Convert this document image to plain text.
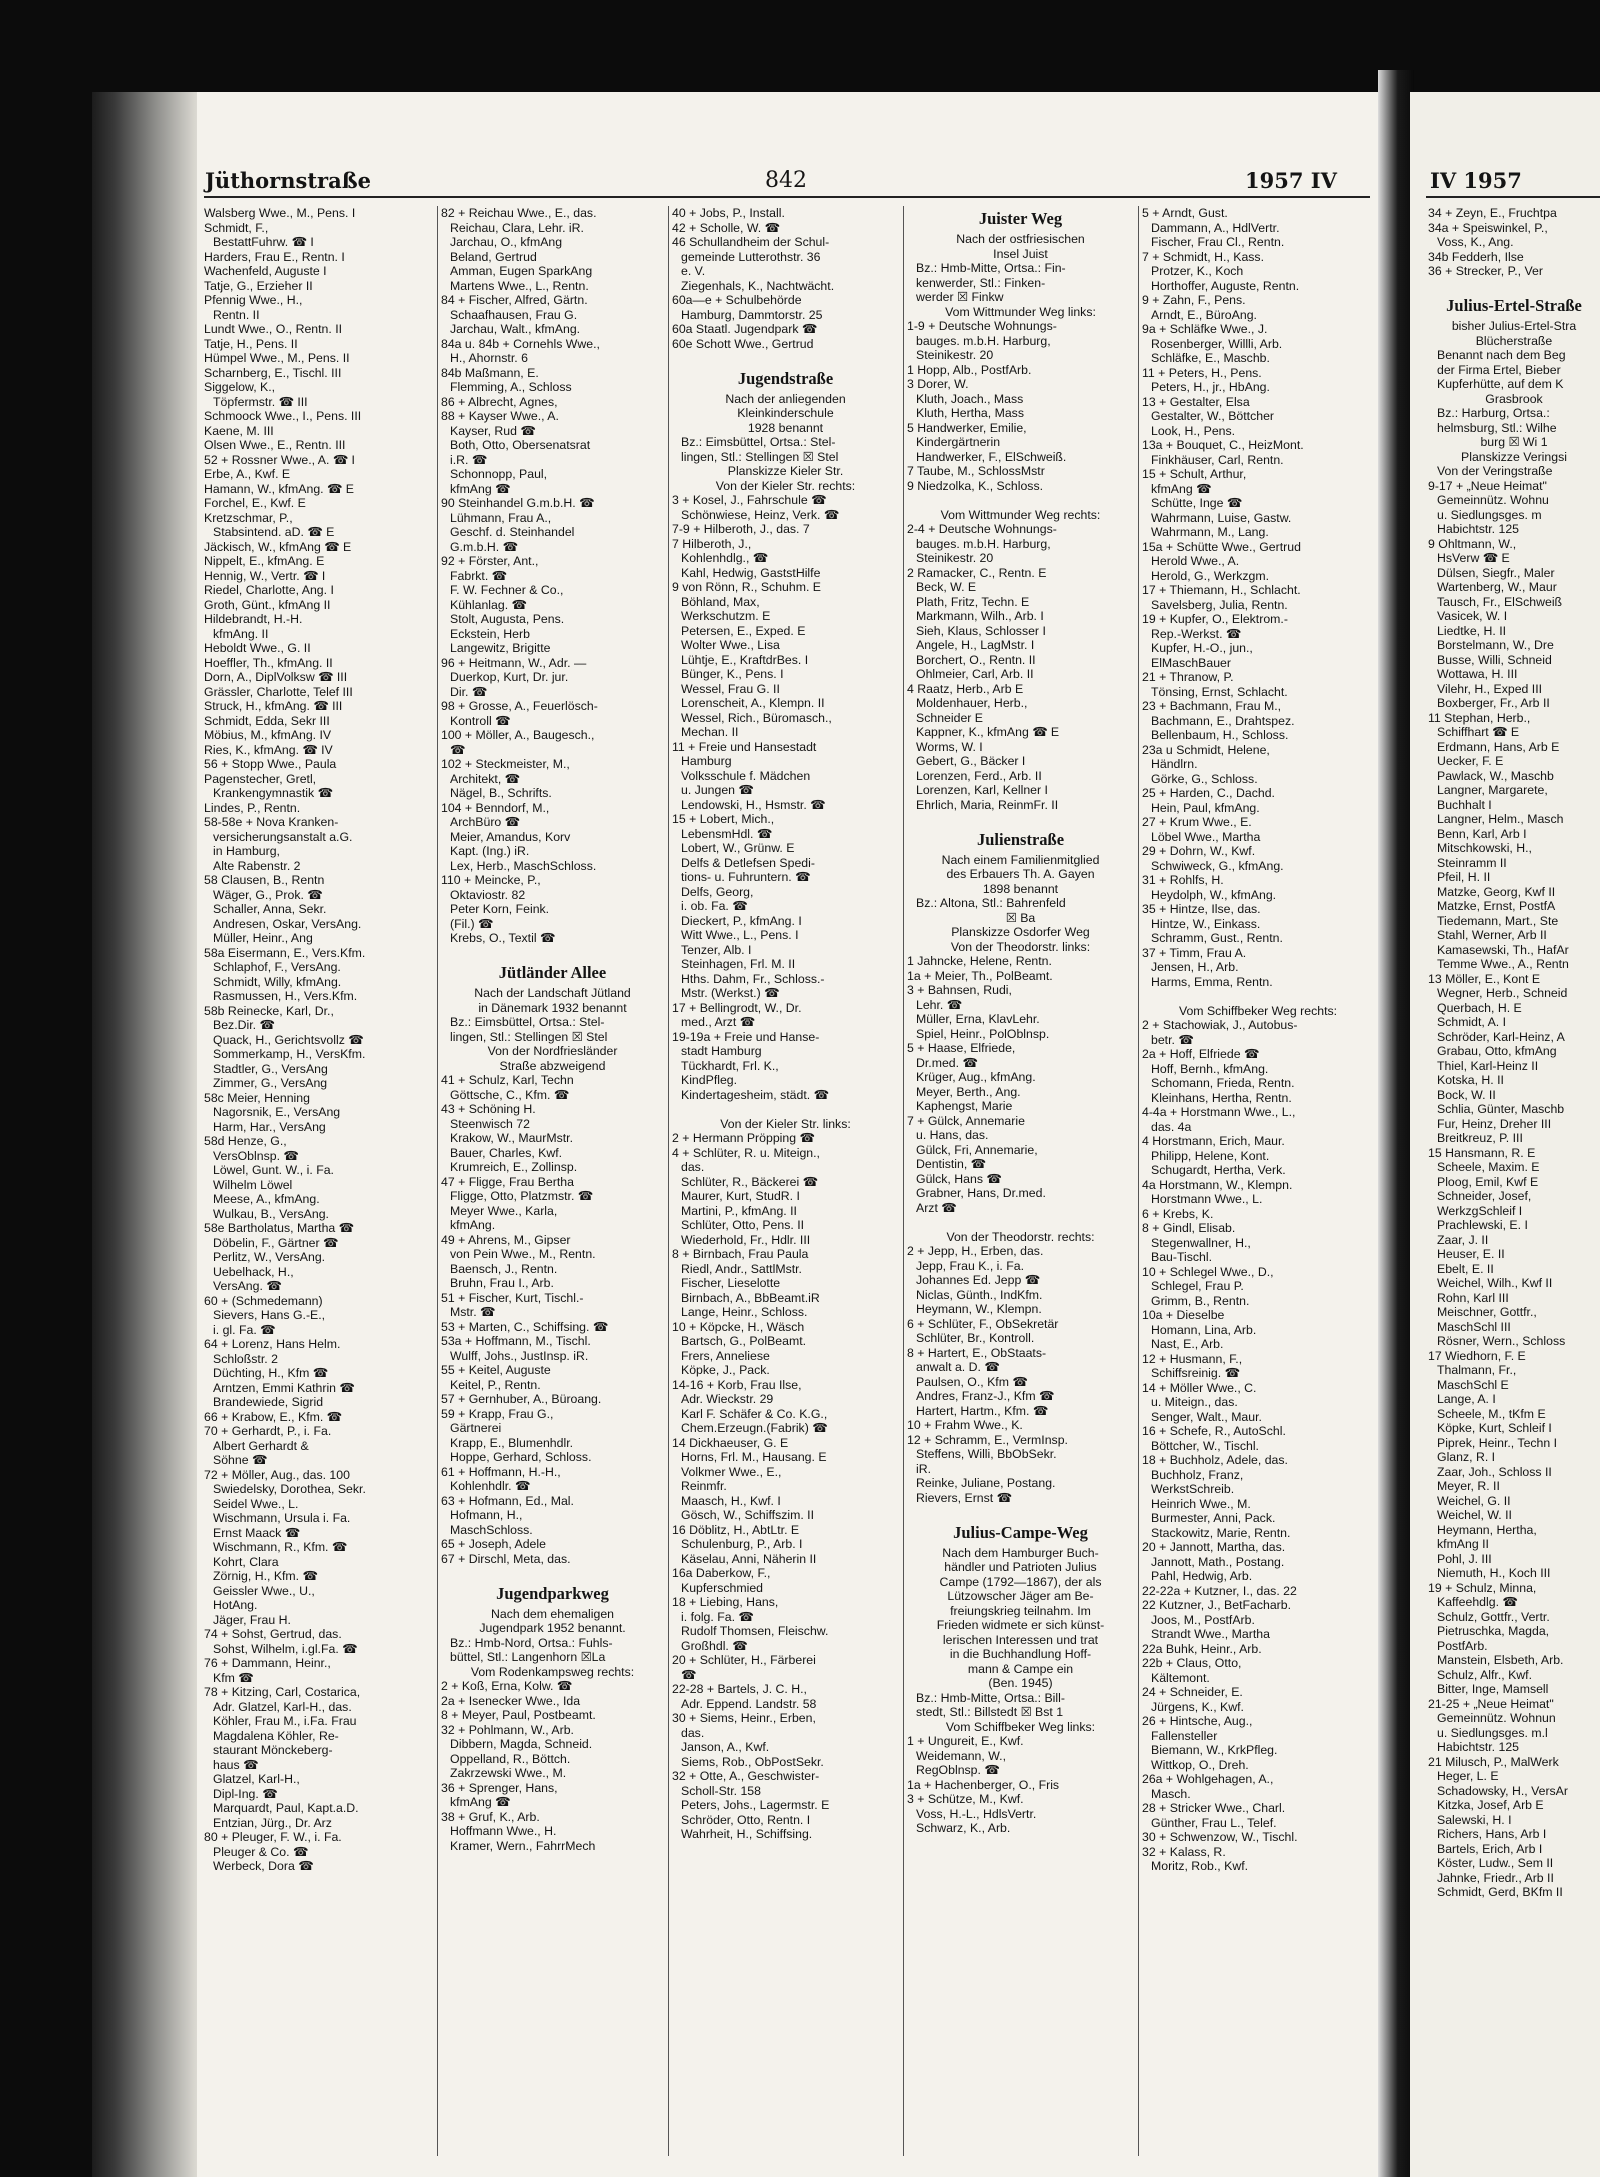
Jüthornstraße	842	1957 IV	IV 1957
Walsberg Wwe., M., Pens. I
Schmidt, F.,
BestattFuhrw. ☎ I
Harders, Frau E., Rentn. I
Wachenfeld, Auguste I
Tatje, G., Erzieher II
Pfennig Wwe., H.,
Rentn. II
Lundt Wwe., O., Rentn. II
Tatje, H., Pens. II
Hümpel Wwe., M., Pens. II
Scharnberg, E., Tischl. III
Siggelow, K.,
Töpfermstr. ☎ III
Schmoock Wwe., I., Pens. III
Kaene, M. III
Olsen Wwe., E., Rentn. III
52 + Rossner Wwe., A. ☎ I
Erbe, A., Kwf. E
Hamann, W., kfmAng. ☎ E
Forchel, E., Kwf. E
Kretzschmar, P.,
Stabsintend. aD. ☎ E
Jäckisch, W., kfmAng ☎ E
Nippelt, E., kfmAng. E
Hennig, W., Vertr. ☎ I
Riedel, Charlotte, Ang. I
Groth, Günt., kfmAng II
Hildebrandt, H.-H.
kfmAng. II
Heboldt Wwe., G. II
Hoeffler, Th., kfmAng. II
Dorn, A., DiplVolksw ☎ III
Grässler, Charlotte, Telef III
Struck, H., kfmAng. ☎ III
Schmidt, Edda, Sekr III
Möbius, M., kfmAng. IV
Ries, K., kfmAng. ☎ IV
56 + Stopp Wwe., Paula
Pagenstecher, Gretl,
Krankengymnastik ☎
Lindes, P., Rentn.
58-58e + Nova Kranken-
versicherungsanstalt a.G.
in Hamburg,
Alte Rabenstr. 2
58 Clausen, B., Rentn
Wäger, G., Prok. ☎
Schaller, Anna, Sekr.
Andresen, Oskar, VersAng.
Müller, Heinr., Ang
58a Eisermann, E., Vers.Kfm.
Schlaphof, F., VersAng.
Schmidt, Willy, kfmAng.
Rasmussen, H., Vers.Kfm.
58b Reinecke, Karl, Dr.,
Bez.Dir. ☎
Quack, H., Gerichtsvollz ☎
Sommerkamp, H., VersKfm.
Stadtler, G., VersAng
Zimmer, G., VersAng
58c Meier, Henning
Nagorsnik, E., VersAng
Harm, Har., VersAng
58d Henze, G.,
VersOblnsp. ☎
Löwel, Gunt. W., i. Fa.
Wilhelm Löwel
Meese, A., kfmAng.
Wulkau, B., VersAng.
58e Bartholatus, Martha ☎
Döbelin, F., Gärtner ☎
Perlitz, W., VersAng.
Uebelhack, H.,
VersAng. ☎
60 + (Schmedemann)
Sievers, Hans G.-E.,
i. gl. Fa. ☎
64 + Lorenz, Hans Helm.
Schloßstr. 2
Düchting, H., Kfm ☎
Arntzen, Emmi Kathrin ☎
Brandewiede, Sigrid
66 + Krabow, E., Kfm. ☎
70 + Gerhardt, P., i. Fa.
Albert Gerhardt &
Söhne ☎
72 + Möller, Aug., das. 100
Swiedelsky, Dorothea, Sekr.
Seidel Wwe., L.
Wischmann, Ursula i. Fa.
Ernst Maack ☎
Wischmann, R., Kfm. ☎
Kohrt, Clara
Zörnig, H., Kfm. ☎
Geissler Wwe., U.,
HotAng.
Jäger, Frau H.
74 + Sohst, Gertrud, das.
Sohst, Wilhelm, i.gl.Fa. ☎
76 + Dammann, Heinr.,
Kfm ☎
78 + Kitzing, Carl, Costarica,
Adr. Glatzel, Karl-H., das.
Köhler, Frau M., i.Fa. Frau
Magdalena Köhler, Re-
staurant Mönckeberg-
haus ☎
Glatzel, Karl-H.,
Dipl-Ing. ☎
Marquardt, Paul, Kapt.a.D.
Entzian, Jürg., Dr. Arz
80 + Pleuger, F. W., i. Fa.
Pleuger & Co. ☎
Werbeck, Dora ☎
82 + Reichau Wwe., E., das.
Reichau, Clara, Lehr. iR.
Jarchau, O., kfmAng
Beland, Gertrud
Amman, Eugen SparkAng
Martens Wwe., L., Rentn.
84 + Fischer, Alfred, Gärtn.
Schaafhausen, Frau G.
Jarchau, Walt., kfmAng.
84a u. 84b + Cornehls Wwe.,
H., Ahornstr. 6
84b Maßmann, E.
Flemming, A., Schloss
86 + Albrecht, Agnes,
88 + Kayser Wwe., A.
Kayser, Rud ☎
Both, Otto, Obersenatsrat
i.R. ☎
Schonnopp, Paul,
kfmAng ☎
90 Steinhandel G.m.b.H. ☎
Lühmann, Frau A.,
Geschf. d. Steinhandel
G.m.b.H. ☎
92 + Förster, Ant.,
Fabrkt. ☎
F. W. Fechner & Co.,
Kühlanlag. ☎
Stolt, Augusta, Pens.
Eckstein, Herb
Langewitz, Brigitte
96 + Heitmann, W., Adr. —
Duerkop, Kurt, Dr. jur.
Dir. ☎
98 + Grosse, A., Feuerlösch-
Kontroll ☎
100 + Möller, A., Baugesch.,
☎
102 + Steckmeister, M.,
Architekt, ☎
Nägel, B., Schrifts.
104 + Benndorf, M.,
ArchBüro ☎
Meier, Amandus, Korv
Kapt. (Ing.) iR.
Lex, Herb., MaschSchloss.
110 + Meincke, P.,
Oktaviostr. 82
Peter Korn, Feink.
(Fil.) ☎
Krebs, O., Textil ☎

Jütländer Allee
Nach der Landschaft Jütland
in Dänemark 1932 benannt
Bz.: Eimsbüttel, Ortsa.: Stel-
lingen, Stl.: Stellingen ☒ Stel
Von der Nordfriesländer
Straße abzweigend
41 + Schulz, Karl, Techn
Göttsche, C., Kfm. ☎
43 + Schöning H.
Steenwisch 72
Krakow, W., MaurMstr.
Bauer, Charles, Kwf.
Krumreich, E., Zollinsp.
47 + Fligge, Frau Bertha
Fligge, Otto, Platzmstr. ☎
Meyer Wwe., Karla,
kfmAng.
49 + Ahrens, M., Gipser
von Pein Wwe., M., Rentn.
Baensch, J., Rentn.
Bruhn, Frau I., Arb.
51 + Fischer, Kurt, Tischl.-
Mstr. ☎
53 + Marten, C., Schiffsing. ☎
53a + Hoffmann, M., Tischl.
Wulff, Johs., JustInsp. iR.
55 + Keitel, Auguste
Keitel, P., Rentn.
57 + Gernhuber, A., Büroang.
59 + Krapp, Frau G.,
Gärtnerei
Krapp, E., Blumenhdlr.
Hoppe, Gerhard, Schloss.
61 + Hoffmann, H.-H.,
Kohlenhdlr. ☎
63 + Hofmann, Ed., Mal.
Hofmann, H.,
MaschSchloss.
65 + Joseph, Adele
67 + Dirschl, Meta, das.

Jugendparkweg
Nach dem ehemaligen
Jugendpark 1952 benannt.
Bz.: Hmb-Nord, Ortsa.: Fuhls-
büttel, Stl.: Langenhorn ☒La
Vom Rodenkampsweg rechts:
2 + Koß, Erna, Kolw. ☎
2a + Isenecker Wwe., Ida
8 + Meyer, Paul, Postbeamt.
32 + Pohlmann, W., Arb.
Dibbern, Magda, Schneid.
Oppelland, R., Böttch.
Zakrzewski Wwe., M.
36 + Sprenger, Hans,
kfmAng ☎
38 + Gruf, K., Arb.
Hoffmann Wwe., H.
Kramer, Wern., FahrrMech
40 + Jobs, P., Install.
42 + Scholle, W. ☎
46 Schullandheim der Schul-
gemeinde Lutterothstr. 36
e. V.
Ziegenhals, K., Nachtwächt.
60a—e + Schulbehörde
Hamburg, Dammtorstr. 25
60a Staatl. Jugendpark ☎
60e Schott Wwe., Gertrud

Jugendstraße
Nach der anliegenden
Kleinkinderschule
1928 benannt
Bz.: Eimsbüttel, Ortsa.: Stel-
lingen, Stl.: Stellingen ☒ Stel
Planskizze Kieler Str.
Von der Kieler Str. rechts:
3 + Kosel, J., Fahrschule ☎
Schönwiese, Heinz, Verk. ☎
7-9 + Hilberoth, J., das. 7
7 Hilberoth, J.,
Kohlenhdlg., ☎
Kahl, Hedwig, GaststHilfe
9 von Rönn, R., Schuhm. E
Böhland, Max,
Werkschutzm. E
Petersen, E., Exped. E
Wolter Wwe., Lisa
Lühtje, E., KraftdrBes. I
Bünger, K., Pens. I
Wessel, Frau G. II
Lorenscheit, A., Klempn. II
Wessel, Rich., Büromasch.,
Mechan. II
11 + Freie und Hansestadt
Hamburg
Volksschule f. Mädchen
u. Jungen ☎
Lendowski, H., Hsmstr. ☎
15 + Lobert, Mich.,
LebensmHdl. ☎
Lobert, W., Grünw. E
Delfs & Detlefsen Spedi-
tions- u. Fuhruntern. ☎
Delfs, Georg,
i. ob. Fa. ☎
Dieckert, P., kfmAng. I
Witt Wwe., L., Pens. I
Tenzer, Alb. I
Steinhagen, Frl. M. II
Hths. Dahm, Fr., Schloss.-
Mstr. (Werkst.) ☎
17 + Bellingrodt, W., Dr.
med., Arzt ☎
19-19a + Freie und Hanse-
stadt Hamburg
Tückhardt, Frl. K.,
KindPfleg.
Kindertagesheim, städt. ☎

Von der Kieler Str. links:
2 + Hermann Pröpping ☎
4 + Schlüter, R. u. Miteign.,
das.
Schlüter, R., Bäckerei ☎
Maurer, Kurt, StudR. I
Martini, P., kfmAng. II
Schlüter, Otto, Pens. II
Wiederhold, Fr., Hdlr. III
8 + Birnbach, Frau Paula
Riedl, Andr., SattlMstr.
Fischer, Lieselotte
Birnbach, A., BbBeamt.iR
Lange, Heinr., Schloss.
10 + Köpcke, H., Wäsch
Bartsch, G., PolBeamt.
Frers, Anneliese
Köpke, J., Pack.
14-16 + Korb, Frau Ilse,
Adr. Wieckstr. 29
Karl F. Schäfer & Co. K.G.,
Chem.Erzeugn.(Fabrik) ☎
14 Dickhaeuser, G. E
Horns, Frl. M., Hausang. E
Volkmer Wwe., E.,
Reinmfr.
Maasch, H., Kwf. I
Gösch, W., Schiffszim. II
16 Döblitz, H., AbtLtr. E
Schulenburg, P., Arb. I
Käselau, Anni, Näherin II
16a Daberkow, F.,
Kupferschmied
18 + Liebing, Hans,
i. folg. Fa. ☎
Rudolf Thomsen, Fleischw.
Großhdl. ☎
20 + Schlüter, H., Färberei
☎
22-28 + Bartels, J. C. H.,
Adr. Eppend. Landstr. 58
30 + Siems, Heinr., Erben,
das.
Janson, A., Kwf.
Siems, Rob., ObPostSekr.
32 + Otte, A., Geschwister-
Scholl-Str. 158
Peters, Johs., Lagermstr. E
Schröder, Otto, Rentn. I
Wahrheit, H., Schiffsing.
Juister Weg
Nach der ostfriesischen
Insel Juist
Bz.: Hmb-Mitte, Ortsa.: Fin-
kenwerder, Stl.: Finken-
werder ☒ Finkw
Vom Wittmunder Weg links:
1-9 + Deutsche Wohnungs-
bauges. m.b.H. Harburg,
Steinikestr. 20
1 Hopp, Alb., PostfArb.
3 Dorer, W.
Kluth, Joach., Mass
Kluth, Hertha, Mass
5 Handwerker, Emilie,
Kindergärtnerin
Handwerker, F., ElSchweiß.
7 Taube, M., SchlossMstr
9 Niedzolka, K., Schloss.

Vom Wittmunder Weg rechts:
2-4 + Deutsche Wohnungs-
bauges. m.b.H. Harburg,
Steinikestr. 20
2 Ramacker, C., Rentn. E
Beck, W. E
Plath, Fritz, Techn. E
Markmann, Wilh., Arb. I
Sieh, Klaus, Schlosser I
Angele, H., LagMstr. I
Borchert, O., Rentn. II
Ohlmeier, Carl, Arb. II
4 Raatz, Herb., Arb E
Moldenhauer, Herb.,
Schneider E
Kappner, K., kfmAng ☎ E
Worms, W. I
Gebert, G., Bäcker I
Lorenzen, Ferd., Arb. II
Lorenzen, Karl, Kellner I
Ehrlich, Maria, ReinmFr. II

Julienstraße
Nach einem Familienmitglied
des Erbauers Th. A. Gayen
1898 benannt
Bz.: Altona, Stl.: Bahrenfeld
☒ Ba
Planskizze Osdorfer Weg
Von der Theodorstr. links:
1 Jahncke, Helene, Rentn.
1a + Meier, Th., PolBeamt.
3 + Bahnsen, Rudi,
Lehr. ☎
Müller, Erna, KlavLehr.
Spiel, Heinr., PolOblnsp.
5 + Haase, Elfriede,
Dr.med. ☎
Krüger, Aug., kfmAng.
Meyer, Berth., Ang.
Kaphengst, Marie
7 + Gülck, Annemarie
u. Hans, das.
Gülck, Fri, Annemarie,
Dentistin, ☎
Gülck, Hans ☎
Grabner, Hans, Dr.med.
Arzt ☎

Von der Theodorstr. rechts:
2 + Jepp, H., Erben, das.
Jepp, Frau K., i. Fa.
Johannes Ed. Jepp ☎
Niclas, Günth., IndKfm.
Heymann, W., Klempn.
6 + Schlüter, F., ObSekretär
Schlüter, Br., Kontroll.
8 + Hartert, E., ObStaats-
anwalt a. D. ☎
Paulsen, O., Kfm ☎
Andres, Franz-J., Kfm ☎
Hartert, Hartm., Kfm. ☎
10 + Frahm Wwe., K.
12 + Schramm, E., VermInsp.
Steffens, Willi, BbObSekr.
iR.
Reinke, Juliane, Postang.
Rievers, Ernst ☎

Julius-Campe-Weg
Nach dem Hamburger Buch-
händler und Patrioten Julius
Campe (1792—1867), der als
Lützowscher Jäger am Be-
freiungskrieg teilnahm. Im
Frieden widmete er sich künst-
lerischen Interessen und trat
in die Buchhandlung Hoff-
mann & Campe ein
(Ben. 1945)
Bz.: Hmb-Mitte, Ortsa.: Bill-
stedt, Stl.: Billstedt ☒ Bst 1
Vom Schiffbeker Weg links:
1 + Ungureit, E., Kwf.
Weidemann, W.,
RegOblnsp. ☎
1a + Hachenberger, O., Fris
3 + Schütze, M., Kwf.
Voss, H.-L., HdlsVertr.
Schwarz, K., Arb.
5 + Arndt, Gust.
Dammann, A., HdlVertr.
Fischer, Frau Cl., Rentn.
7 + Schmidt, H., Kass.
Protzer, K., Koch
Horthoffer, Auguste, Rentn.
9 + Zahn, F., Pens.
Arndt, E., BüroAng.
9a + Schläfke Wwe., J.
Rosenberger, Willli, Arb.
Schläfke, E., Maschb.
11 + Peters, H., Pens.
Peters, H., jr., HbAng.
13 + Gestalter, Elsa
Gestalter, W., Böttcher
Look, H., Pens.
13a + Bouquet, C., HeizMont.
Finkhäuser, Carl, Rentn.
15 + Schult, Arthur,
kfmAng ☎
Schütte, Inge ☎
Wahrmann, Luise, Gastw.
Wahrmann, M., Lang.
15a + Schütte Wwe., Gertrud
Herold Wwe., A.
Herold, G., Werkzgm.
17 + Thiemann, H., Schlacht.
Savelsberg, Julia, Rentn.
19 + Kupfer, O., Elektrom.-
Rep.-Werkst. ☎
Kupfer, H.-O., jun.,
ElMaschBauer
21 + Thranow, P.
Tönsing, Ernst, Schlacht.
23 + Bachmann, Frau M.,
Bachmann, E., Drahtspez.
Bellenbaum, H., Schloss.
23a u Schmidt, Helene,
Händlrn.
Görke, G., Schloss.
25 + Harden, C., Dachd.
Hein, Paul, kfmAng.
27 + Krum Wwe., E.
Löbel Wwe., Martha
29 + Dohrn, W., Kwf.
Schwiweck, G., kfmAng.
31 + Rohlfs, H.
Heydolph, W., kfmAng.
35 + Hintze, Ilse, das.
Hintze, W., Einkass.
Schramm, Gust., Rentn.
37 + Timm, Frau A.
Jensen, H., Arb.
Harms, Emma, Rentn.

Vom Schiffbeker Weg rechts:
2 + Stachowiak, J., Autobus-
betr. ☎
2a + Hoff, Elfriede ☎
Hoff, Bernh., kfmAng.
Schomann, Frieda, Rentn.
Kleinhans, Hertha, Rentn.
4-4a + Horstmann Wwe., L.,
das. 4a
4 Horstmann, Erich, Maur.
Philipp, Helene, Kont.
Schugardt, Hertha, Verk.
4a Horstmann, W., Klempn.
Horstmann Wwe., L.
6 + Krebs, K.
8 + Gindl, Elisab.
Stegenwallner, H.,
Bau-Tischl.
10 + Schlegel Wwe., D.,
Schlegel, Frau P.
Grimm, B., Rentn.
10a + Dieselbe
Homann, Lina, Arb.
Nast, E., Arb.
12 + Husmann, F.,
Schiffsreinig. ☎
14 + Möller Wwe., C.
u. Miteign., das.
Senger, Walt., Maur.
16 + Schefe, R., AutoSchl.
Böttcher, W., Tischl.
18 + Buchholz, Adele, das.
Buchholz, Franz,
WerkstSchreib.
Heinrich Wwe., M.
Burmester, Anni, Pack.
Stackowitz, Marie, Rentn.
20 + Jannott, Martha, das.
Jannott, Math., Postang.
Pahl, Hedwig, Arb.
22-22a + Kutzner, I., das. 22
22 Kutzner, J., BetFacharb.
Joos, M., PostfArb.
Strandt Wwe., Martha
22a Buhk, Heinr., Arb.
22b + Claus, Otto,
Kältemont.
24 + Schneider, E.
Jürgens, K., Kwf.
26 + Hintsche, Aug.,
Fallensteller
Biemann, W., KrkPfleg.
Wittkop, O., Dreh.
26a + Wohlgehagen, A.,
Masch.
28 + Stricker Wwe., Charl.
Günther, Frau L., Telef.
30 + Schwenzow, W., Tischl.
32 + Kalass, R.
Moritz, Rob., Kwf.
34 + Zeyn, E., Fruchtpa
34a + Speiswinkel, P.,
Voss, K., Ang.
34b Fedderh, Ilse
36 + Strecker, P., Ver

Julius-Ertel-Straße
bisher Julius-Ertel-Stra
Blücherstraße
Benannt nach dem Beg
der Firma Ertel, Bieber
Kupferhütte, auf dem K
Grasbrook
Bz.: Harburg, Ortsa.:
helmsburg, Stl.: Wilhe
burg ☒ Wi 1
Planskizze Veringsi
Von der Veringstraße
9-17 + „Neue Heimat"
Gemeinnütz. Wohnu
u. Siedlungsges. m
Habichtstr. 125
9 Ohltmann, W.,
HsVerw ☎ E
Dülsen, Siegfr., Maler
Wartenberg, W., Maur
Tausch, Fr., ElSchweiß
Vasicek, W. I
Liedtke, H. II
Borstelmann, W., Dre
Busse, Willi, Schneid
Wottawa, H. III
Vilehr, H., Exped III
Boxberger, Fr., Arb II
11 Stephan, Herb.,
Schiffhart ☎ E
Erdmann, Hans, Arb E
Uecker, F. E
Pawlack, W., Maschb
Langner, Margarete,
Buchhalt I
Langner, Helm., Masch
Benn, Karl, Arb I
Mitschkowski, H.,
Steinramm II
Pfeil, H. II
Matzke, Georg, Kwf II
Matzke, Ernst, PostfA
Tiedemann, Mart., Ste
Stahl, Werner, Arb II
Kamasewski, Th., HafAr
Temme Wwe., A., Rentn
13 Möller, E., Kont E
Wegner, Herb., Schneid
Querbach, H. E
Schmidt, A. I
Schröder, Karl-Heinz, A
Grabau, Otto, kfmAng
Thiel, Karl-Heinz II
Kotska, H. II
Bock, W. II
Schlia, Günter, Maschb
Fur, Heinz, Dreher III
Breitkreuz, P. III
15 Hansmann, R. E
Scheele, Maxim. E
Ploog, Emil, Kwf E
Schneider, Josef,
WerkzgSchleif I
Prachlewski, E. I
Zaar, J. II
Heuser, E. II
Ebelt, E. II
Weichel, Wilh., Kwf II
Rohn, Karl III
Meischner, Gottfr.,
MaschSchl III
Rösner, Wern., Schloss
17 Wiedhorn, F. E
Thalmann, Fr.,
MaschSchl E
Lange, A. I
Scheele, M., tKfm E
Köpke, Kurt, Schleif I
Piprek, Heinr., Techn I
Glanz, R. I
Zaar, Joh., Schloss II
Meyer, R. II
Weichel, G. II
Weichel, W. II
Heymann, Hertha,
kfmAng II
Pohl, J. III
Niemuth, H., Koch III
19 + Schulz, Minna,
Kaffeehdlg. ☎
Schulz, Gottfr., Vertr.
Pietruschka, Magda,
PostfArb.
Manstein, Elsbeth, Arb.
Schulz, Alfr., Kwf.
Bitter, Inge, Mamsell
21-25 + „Neue Heimat"
Gemeinnütz. Wohnun
u. Siedlungsges. m.l
Habichtstr. 125
21 Milusch, P., MalWerk
Heger, L. E
Schadowsky, H., VersAr
Kitzka, Josef, Arb E
Salewski, H. I
Richers, Hans, Arb I
Bartels, Erich, Arb I
Köster, Ludw., Sem II
Jahnke, Friedr., Arb II
Schmidt, Gerd, BKfm II
